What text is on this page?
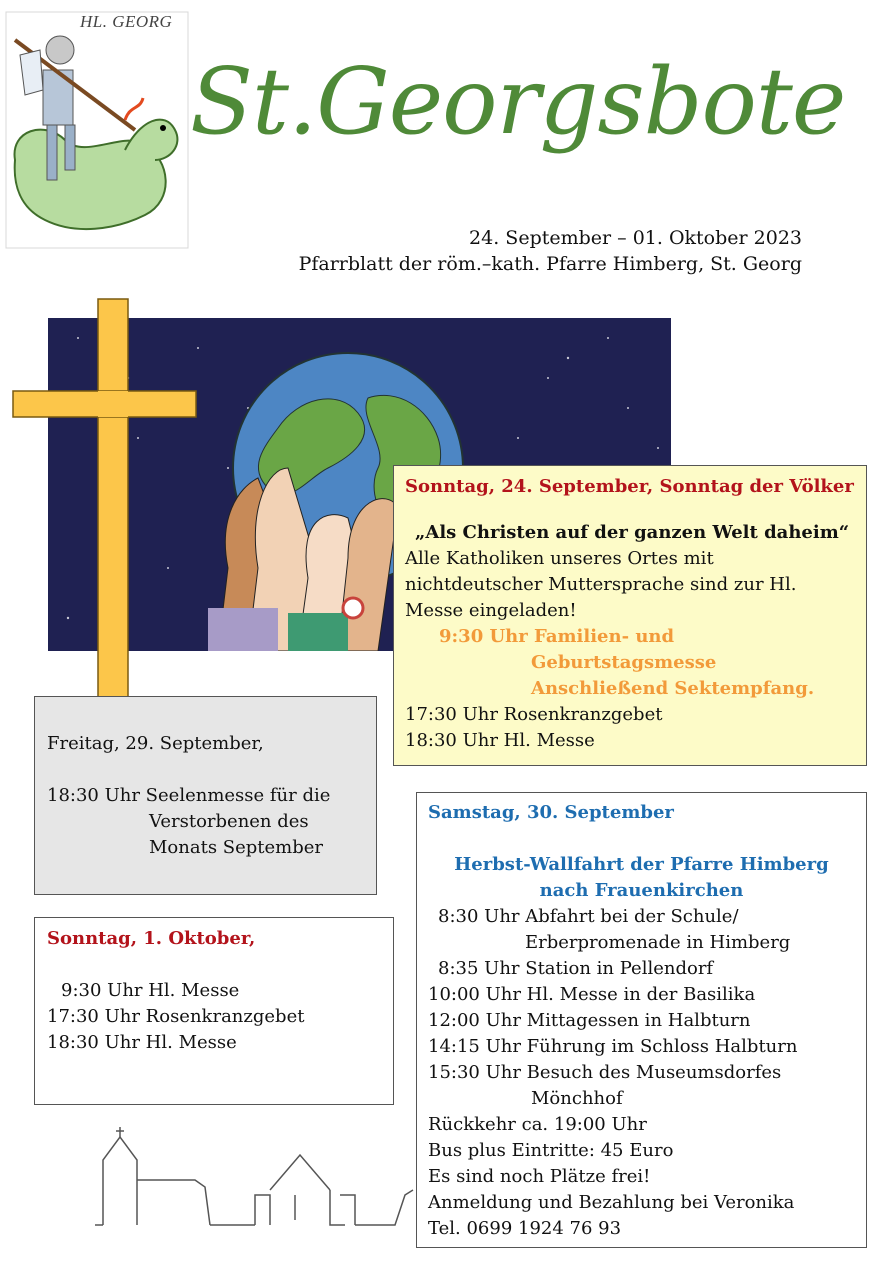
HL. GEORG
St.Georgsbote
24. September – 01. Oktober 2023
Pfarrblatt der röm.–kath. Pfarre Himberg, St. Georg
Sonntag, 24. September, Sonntag der Völker
„Als Christen auf der ganzen Welt daheim“
Alle Katholiken unseres Ortes mit
nichtdeutscher Muttersprache sind zur Hl.
Messe eingeladen!
9:30 Uhr Familien- und
Geburtstagsmesse
Anschließend Sektempfang.
17:30 Uhr Rosenkranzgebet
18:30 Uhr Hl. Messe
Freitag, 29. September,
18:30 Uhr Seelenmesse für die
Verstorbenen des
Monats September
Sonntag, 1. Oktober,
9:30 Uhr Hl. Messe
17:30 Uhr Rosenkranzgebet
18:30 Uhr Hl. Messe
Samstag, 30. September
Herbst-Wallfahrt der Pfarre Himberg
nach Frauenkirchen
8:30 Uhr Abfahrt bei der Schule/
Erberpromenade in Himberg
8:35 Uhr Station in Pellendorf
10:00 Uhr Hl. Messe in der Basilika
12:00 Uhr Mittagessen in Halbturn
14:15 Uhr Führung im Schloss Halbturn
15:30 Uhr Besuch des Museumsdorfes
Mönchhof
Rückkehr ca. 19:00 Uhr
Bus plus Eintritte: 45 Euro
Es sind noch Plätze frei!
Anmeldung und Bezahlung bei Veronika
Tel. 0699 1924 76 93
